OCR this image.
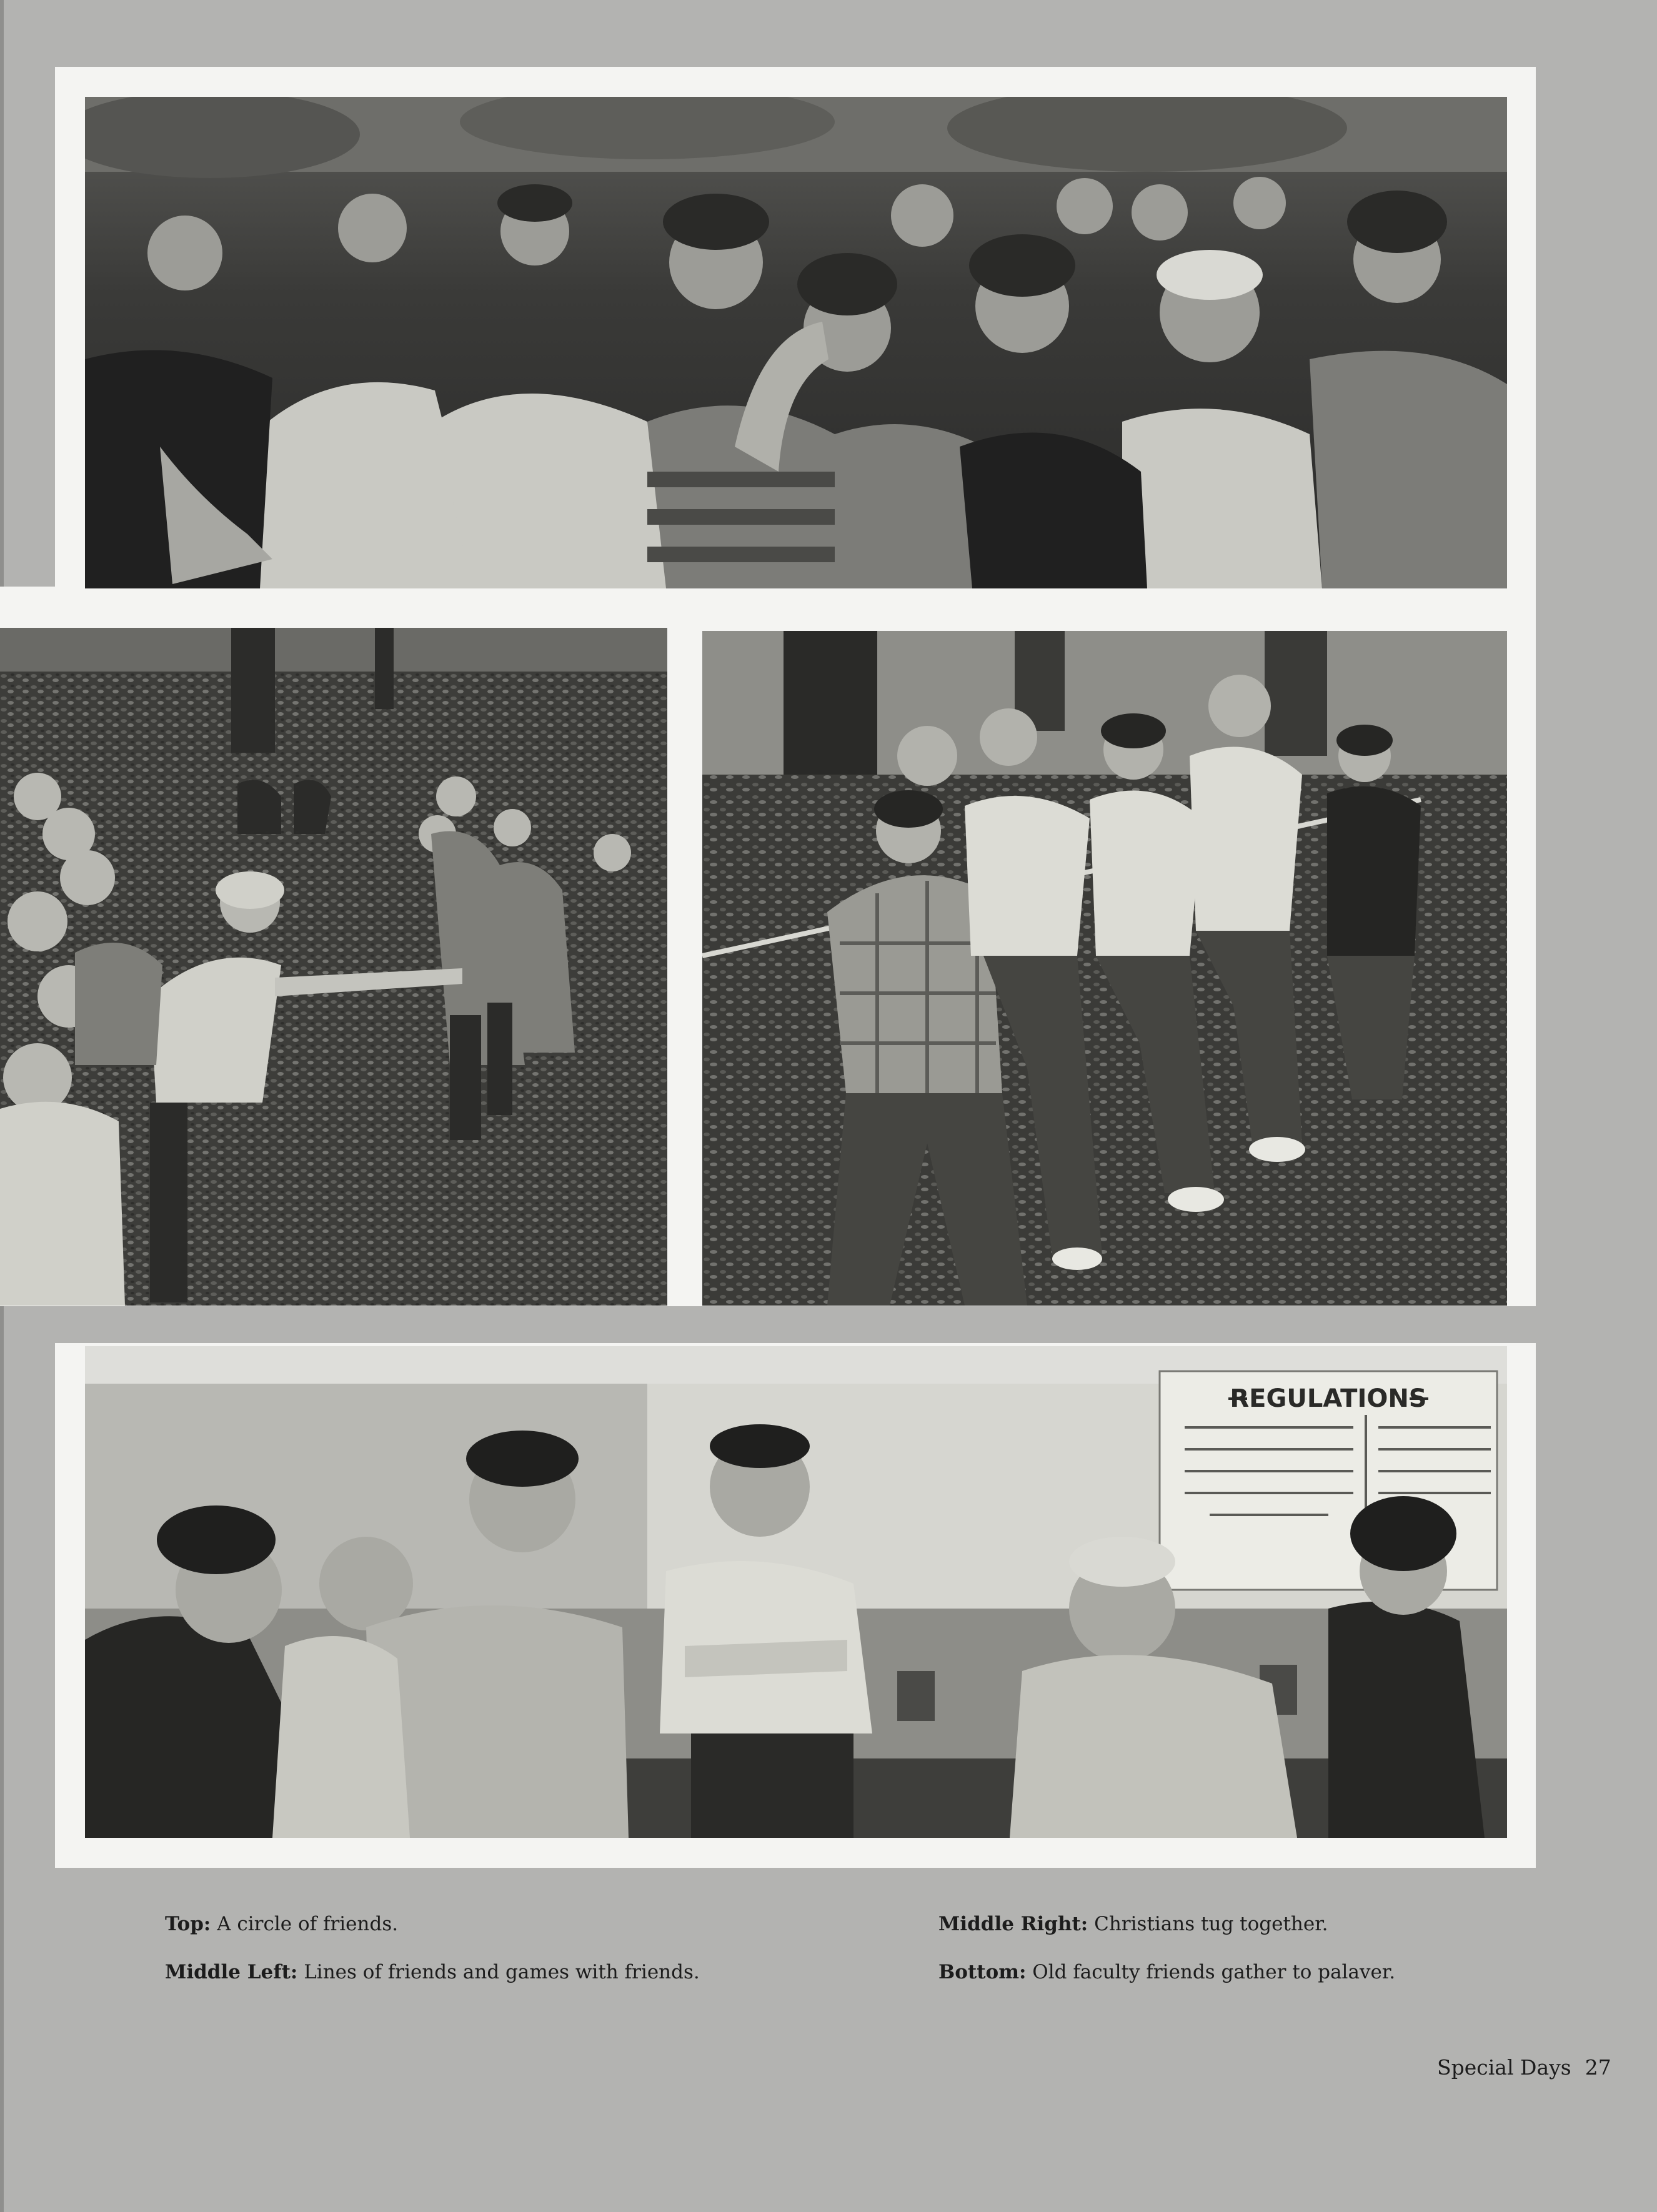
REGULATIONS
Top: A circle of friends.
Middle Left: Lines of friends and games with friends.
Middle Right: Christians tug together.
Bottom: Old faculty friends gather to palaver.
Special Days 27
